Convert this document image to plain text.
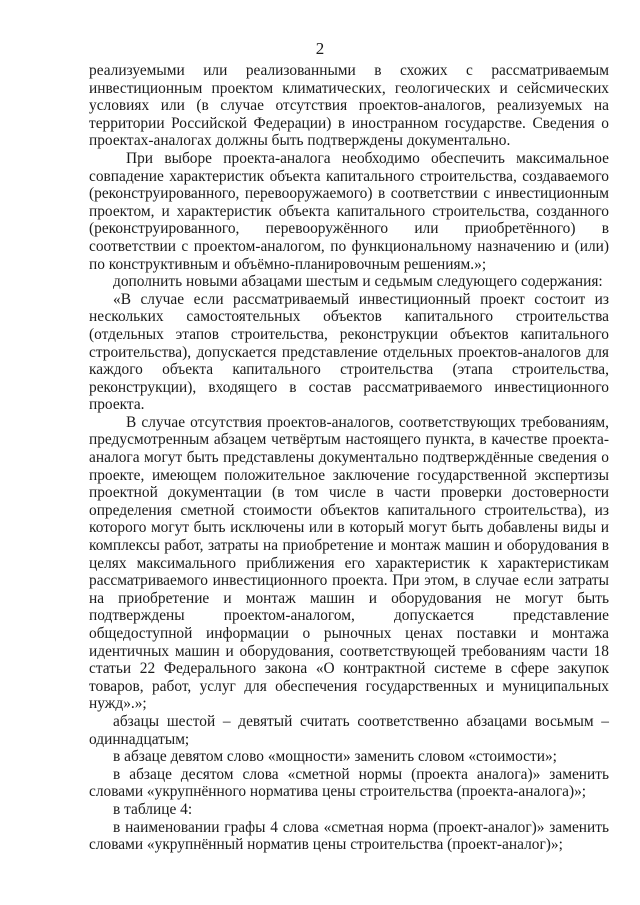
2

реализуемыми или реализованными в схожих с рассматриваемым инвестиционным проектом климатических, геологических и сейсмических условиях или (в случае отсутствия проектов-аналогов, реализуемых на территории Российской Федерации) в иностранном государстве. Сведения о проектах-аналогах должны быть подтверждены документально.

При выборе проекта-аналога необходимо обеспечить максимальное совпадение характеристик объекта капитального строительства, создаваемого (реконструированного, перевооружаемого) в соответствии с инвестиционным проектом, и характеристик объекта капитального строительства, созданного (реконструированного, перевооружённого или приобретённого) в соответствии с проектом-аналогом, по функциональному назначению и (или) по конструктивным и объёмно-планировочным решениям.»;

дополнить новыми абзацами шестым и седьмым следующего содержания:

«В случае если рассматриваемый инвестиционный проект состоит из нескольких самостоятельных объектов капитального строительства (отдельных этапов строительства, реконструкции объектов капитального строительства), допускается представление отдельных проектов-аналогов для каждого объекта капитального строительства (этапа строительства, реконструкции), входящего в состав рассматриваемого инвестиционного проекта.

В случае отсутствия проектов-аналогов, соответствующих требованиям, предусмотренным абзацем четвёртым настоящего пункта, в качестве проекта-аналога могут быть представлены документально подтверждённые сведения о проекте, имеющем положительное заключение государственной экспертизы проектной документации (в том числе в части проверки достоверности определения сметной стоимости объектов капитального строительства), из которого могут быть исключены или в который могут быть добавлены виды и комплексы работ, затраты на приобретение и монтаж машин и оборудования в целях максимального приближения его характеристик к характеристикам рассматриваемого инвестиционного проекта. При этом, в случае если затраты на приобретение и монтаж машин и оборудования не могут быть подтверждены проектом-аналогом, допускается представление общедоступной информации о рыночных ценах поставки и монтажа идентичных машин и оборудования, соответствующей требованиям части 18 статьи 22 Федерального закона «О контрактной системе в сфере закупок товаров, работ, услуг для обеспечения государственных и муниципальных нужд».»;

абзацы шестой – девятый считать соответственно абзацами восьмым – одиннадцатым;

в абзаце девятом слово «мощности» заменить словом «стоимости»;

в абзаце десятом слова «сметной нормы (проекта аналога)» заменить словами «укрупнённого норматива цены строительства (проекта-аналога)»;

в таблице 4:

в наименовании графы 4 слова «сметная норма (проект-аналог)» заменить словами «укрупнённый норматив цены строительства (проект-аналог)»;
